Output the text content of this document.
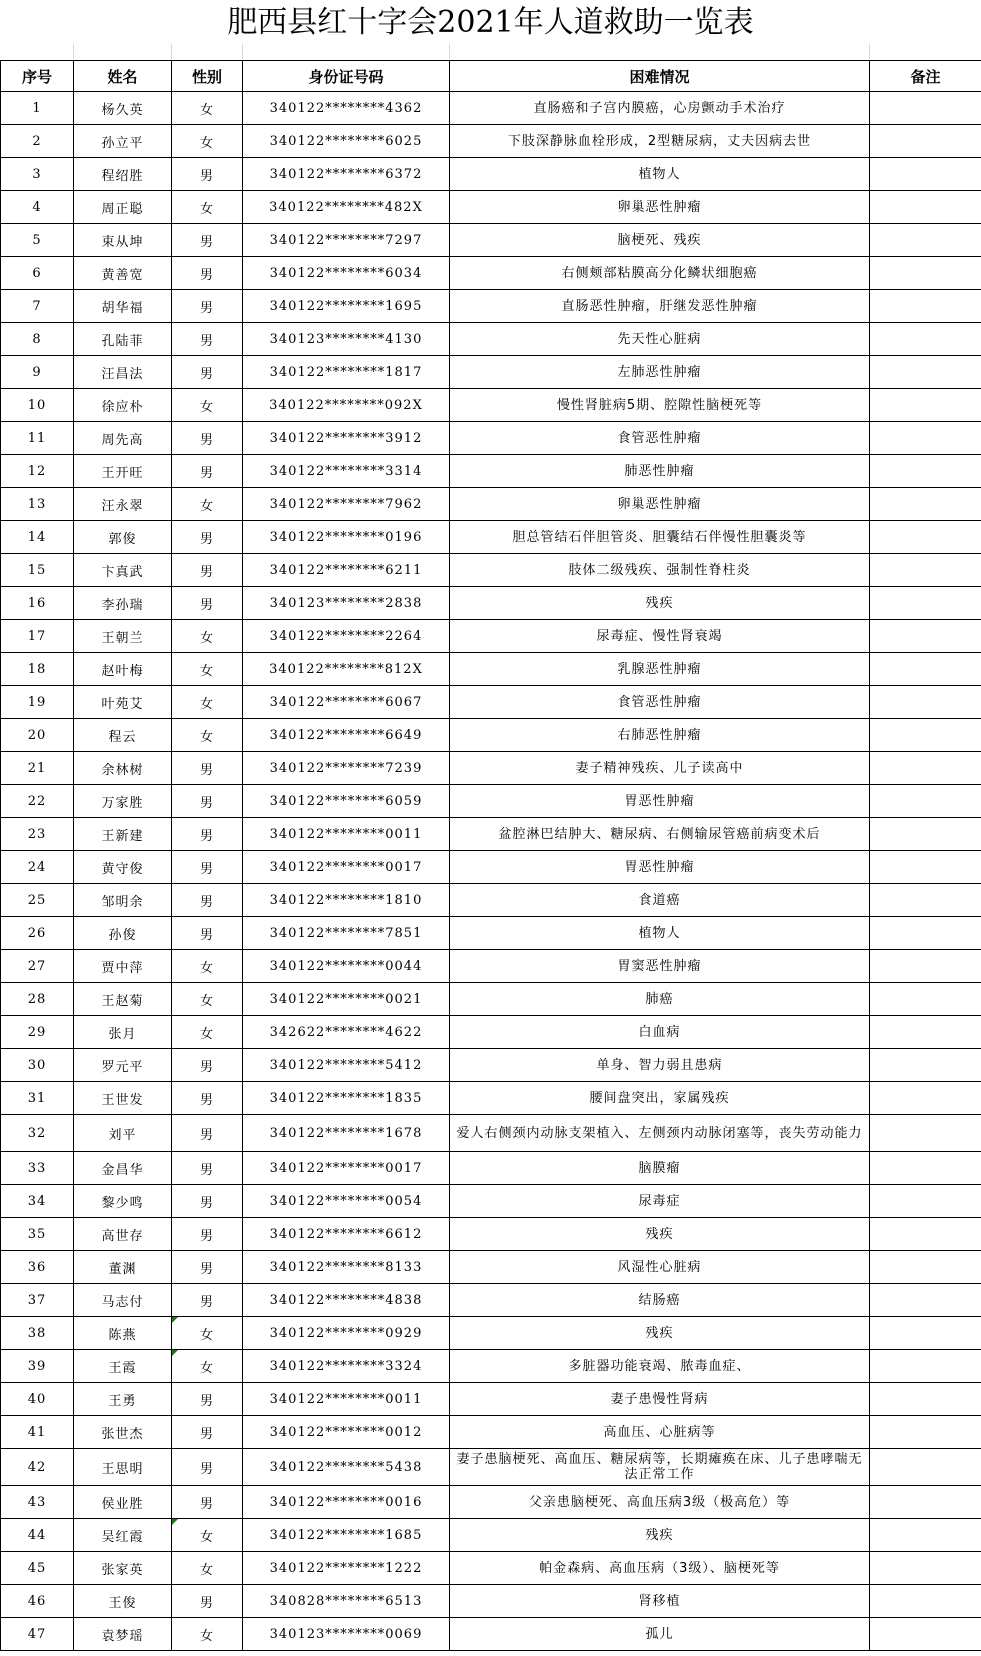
肥西县红十字会2021年人道救助一览表
序号	姓名	性别	身份证号码	困难情况	备注
1	杨久英	女	340122********4362	直肠癌和子宫内膜癌，心房颤动手术治疗	
2	孙立平	女	340122********6025	下肢深静脉血栓形成，2型糖尿病，丈夫因病去世	
3	程绍胜	男	340122********6372	植物人	
4	周正聪	女	340122********482X	卵巢恶性肿瘤	
5	束从坤	男	340122********7297	脑梗死、残疾	
6	黄善宽	男	340122********6034	右侧颊部粘膜高分化鳞状细胞癌	
7	胡华福	男	340122********1695	直肠恶性肿瘤，肝继发恶性肿瘤	
8	孔陆菲	男	340123********4130	先天性心脏病	
9	汪昌法	男	340122********1817	左肺恶性肿瘤	
10	徐应朴	女	340122********092X	慢性肾脏病5期、腔隙性脑梗死等	
11	周先高	男	340122********3912	食管恶性肿瘤	
12	王开旺	男	340122********3314	肺恶性肿瘤	
13	汪永翠	女	340122********7962	卵巢恶性肿瘤	
14	郭俊	男	340122********0196	胆总管结石伴胆管炎、胆囊结石伴慢性胆囊炎等	
15	卞真武	男	340122********6211	肢体二级残疾、强制性脊柱炎	
16	李孙瑞	男	340123********2838	残疾	
17	王朝兰	女	340122********2264	尿毒症、慢性肾衰竭	
18	赵叶梅	女	340122********812X	乳腺恶性肿瘤	
19	叶苑艾	女	340122********6067	食管恶性肿瘤	
20	程云	女	340122********6649	右肺恶性肿瘤	
21	余林树	男	340122********7239	妻子精神残疾、儿子读高中	
22	万家胜	男	340122********6059	胃恶性肿瘤	
23	王新建	男	340122********0011	盆腔淋巴结肿大、糖尿病、右侧输尿管癌前病变术后	
24	黄守俊	男	340122********0017	胃恶性肿瘤	
25	邹明余	男	340122********1810	食道癌	
26	孙俊	男	340122********7851	植物人	
27	贾中萍	女	340122********0044	胃窦恶性肿瘤	
28	王赵菊	女	340122********0021	肺癌	
29	张月	女	342622********4622	白血病	
30	罗元平	男	340122********5412	单身、智力弱且患病	
31	王世发	男	340122********1835	腰间盘突出，家属残疾	
32	刘平	男	340122********1678	爱人右侧颈内动脉支架植入、左侧颈内动脉闭塞等，丧失劳动能力	
33	金昌华	男	340122********0017	脑膜瘤	
34	黎少鸣	男	340122********0054	尿毒症	
35	高世存	男	340122********6612	残疾	
36	董渊	男	340122********8133	风湿性心脏病	
37	马志付	男	340122********4838	结肠癌	
38	陈燕	女	340122********0929	残疾	
39	王霞	女	340122********3324	多脏器功能衰竭、脓毒血症、	
40	王勇	男	340122********0011	妻子患慢性肾病	
41	张世杰	男	340122********0012	高血压、心脏病等	
42	王思明	男	340122********5438	妻子患脑梗死、高血压、糖尿病等，长期瘫痪在床、儿子患哮喘无法正常工作	
43	侯业胜	男	340122********0016	父亲患脑梗死、高血压病3级（极高危）等	
44	吴红霞	女	340122********1685	残疾	
45	张家英	女	340122********1222	帕金森病、高血压病（3级）、脑梗死等	
46	王俊	男	340828********6513	肾移植	
47	袁梦瑶	女	340123********0069	孤儿	
